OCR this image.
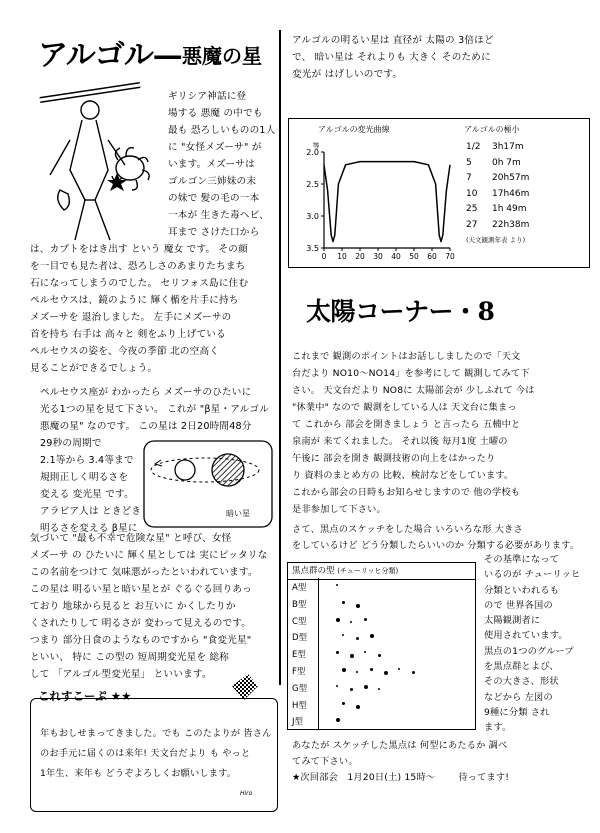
アルゴル— 悪魔の星
ギリシア神話に登
場する 悪魔 の中でも
最も 恐ろしいものの1人
に "女怪メズーサ" が
います。メズーサは
ゴルゴン三姉妹の末
の妹で 髪の毛の一本
一本が 生きた毒ヘビ、
耳まで さけた口から
は、カブトをはき出す という 魔女 です。 その顔
を一目でも見た者は、恐ろしさのあまりたちまち
石になってしまうのでした。 セリフォス島に住む
ペルセウスは、鏡のように 輝く楯を片手に持ち
メズーサを 退治しました。 左手にメズーサの
首を持ち 右手は 高々と 剣をふり上げている
ペルセウスの姿を、今夜の季節 北の空高く
見ることができるでしょう。
ペルセウス座が わかったら メズーサのひたいに
光る1つの星を見て下さい。 これが "β星・アルゴル
悪魔の星" なのです。 この星は 2日20時間48分
29秒の周期で
2.1等から 3.4等まで
規則正しく明るさを
変える 変光星 です。
アラビア人は ときどき
明るさを変える β星に
暗い星
気づいて "最も不幸で危険な星" と呼び、女怪
メズーサ の ひたいに 輝く星としては 実にピッタリな
この名前をつけて 気味悪がったといわれています。
この星は 明るい星と暗い星とが ぐるぐる回りあっ
ており 地球から見ると お互いに かくしたりか
くされたりして 明るさが 変わって見えるのです。
つまり 部分日食のようなものですから "食変光星"
といい、 特に この型の 短周期変光星を 総称
して 「アルゴル型変光星」 といいます。
アルゴルの明るい星は 直径が 太陽の 3倍ほど
で、 暗い星は それよりも 大きく そのために
変光が はげしいのです。
アルゴルの変光曲線
等
2.0
2.5
3.0
3.5
0 10 20 30 40 50 60 70
アルゴルの極小
1/2 3h17m
5 0h 7m
7 20h57m
10 17h46m
25 1h 49m
27 22h38m
(天文観測年表 より)
太陽コーナー・8
これまで 観測のポイントはお話ししましたので「天文
台だより NO10〜NO14」を参考にして 観測してみて下
さい。 天文台だより NO8に 太陽部会が 少しふれて 今は
"休業中" なので 観測をしている人は 天文台に集まっ
て これから 部会を開きましょう と言ったら 五楠中と
泉南が 来てくれました。 それ以後 毎月1度 土曜の
午後に 部会を開き 観測技術の向上をはかったり
り 資料のまとめ方の 比較、検討などをしています。
これから部会の日時もお知らせしますので 他の学校も
是非参加して下さい。
さて、黒点のスケッチをした場合 いろいろな形 大きさ
をしているけど どう分類したらいいのか 分類する必要があります。
黒点群の型 (チューリッヒ分類)
A型
B型
C型
D型
E型
F型
G型
H型
J型
その基準になって
いるのが チューリッヒ
分類といわれるも
ので 世界各国の
太陽観測者に
使用されています。
黒点の1つのグループ
を黒点群とよび、
その大きさ、形状
などから 左図の
9種に分類 され
ます。
あなたが スケッチした黒点は 何型にあたるか 調べ
てみて下さい。
★次回部会　1月20日(土) 15時〜	待ってます!
これすこーぷ ★★
年もおしせまってきました。でも このたよりが 皆さん
のお手元に届くのは来年! 天文台だより も やっと
1年生、来年も どうぞよろしくお願いします。
Hiro
